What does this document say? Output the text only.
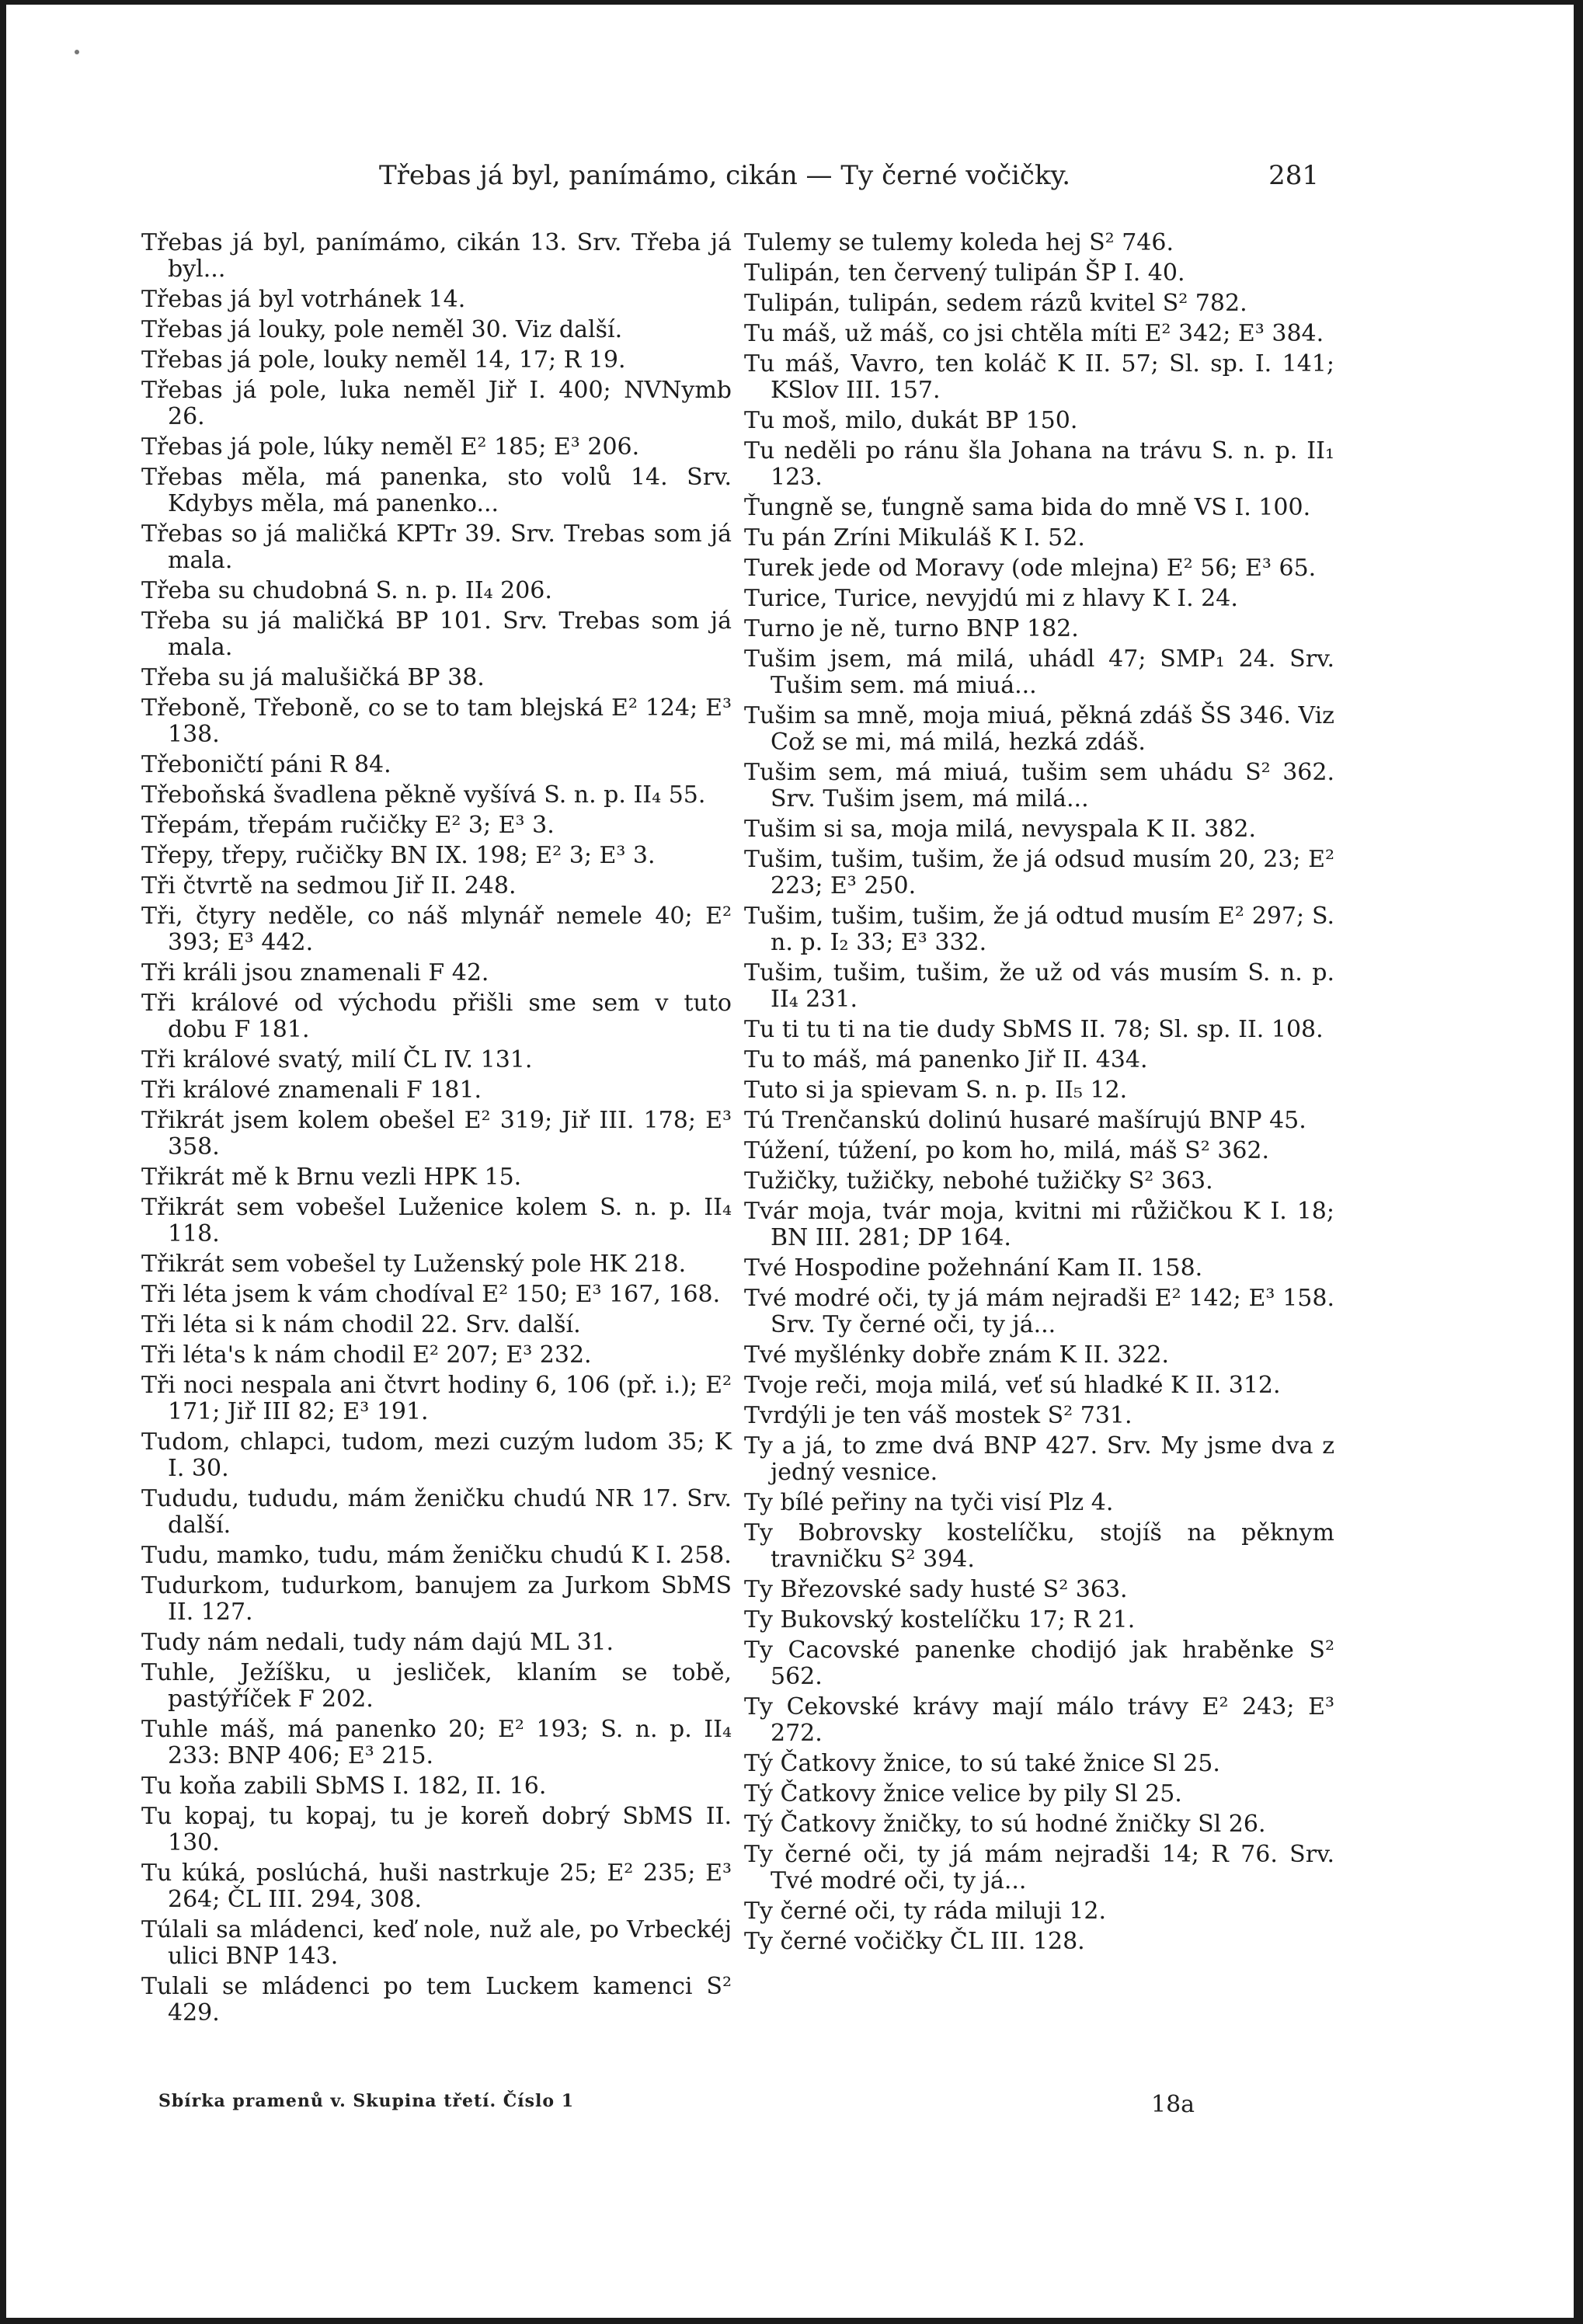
Třebas já byl, panímámo, cikán — Ty černé vočičky.	281
Třebas já byl, panímámo, cikán 13. Srv. Třeba já byl...
Třebas já byl votrhánek 14.
Třebas já louky, pole neměl 30. Viz další.
Třebas já pole, louky neměl 14, 17; R 19.
Třebas já pole, luka neměl Jiř I. 400; NVNymb 26.
Třebas já pole, lúky neměl E² 185; E³ 206.
Třebas měla, má panenka, sto volů 14. Srv. Kdybys měla, má panenko...
Třebas so já maličká KPTr 39. Srv. Trebas som já mala.
Třeba su chudobná S. n. p. II₄ 206.
Třeba su já maličká BP 101. Srv. Trebas som já mala.
Třeba su já malušičká BP 38.
Třeboně, Třeboně, co se to tam blejská E² 124; E³ 138.
Třeboničtí páni R 84.
Třeboňská švadlena pěkně vyšívá S. n. p. II₄ 55.
Třepám, třepám ručičky E² 3; E³ 3.
Třepy, třepy, ručičky BN IX. 198; E² 3; E³ 3.
Tři čtvrtě na sedmou Jiř II. 248.
Tři, čtyry neděle, co náš mlynář nemele 40; E² 393; E³ 442.
Tři králi jsou znamenali F 42.
Tři králové od východu přišli sme sem v tuto dobu F 181.
Tři králové svatý, milí ČL IV. 131.
Tři králové znamenali F 181.
Třikrát jsem kolem obešel E² 319; Jiř III. 178; E³ 358.
Třikrát mě k Brnu vezli HPK 15.
Třikrát sem vobešel Luženice kolem S. n. p. II₄ 118.
Třikrát sem vobešel ty Luženský pole HK 218.
Tři léta jsem k vám chodíval E² 150; E³ 167, 168.
Tři léta si k nám chodil 22. Srv. další.
Tři léta's k nám chodil E² 207; E³ 232.
Tři noci nespala ani čtvrt hodiny 6, 106 (př. i.); E² 171; Jiř III 82; E³ 191.
Tudom, chlapci, tudom, mezi cuzým ludom 35; K I. 30.
Tududu, tududu, mám ženičku chudú NR 17. Srv. další.
Tudu, mamko, tudu, mám ženičku chudú K I. 258.
Tudurkom, tudurkom, banujem za Jurkom SbMS II. 127.
Tudy nám nedali, tudy nám dajú ML 31.
Tuhle, Ježíšku, u jesliček, klaním se tobě, pastýříček F 202.
Tuhle máš, má panenko 20; E² 193; S. n. p. II₄ 233: BNP 406; E³ 215.
Tu koňa zabili SbMS I. 182, II. 16.
Tu kopaj, tu kopaj, tu je koreň dobrý SbMS II. 130.
Tu kúká, poslúchá, huši nastrkuje 25; E² 235; E³ 264; ČL III. 294, 308.
Túlali sa mládenci, keď nole, nuž ale, po Vrbeckéj ulici BNP 143.
Tulali se mládenci po tem Luckem kamenci S² 429.
Tulemy se tulemy koleda hej S² 746.
Tulipán, ten červený tulipán ŠP I. 40.
Tulipán, tulipán, sedem rázů kvitel S² 782.
Tu máš, už máš, co jsi chtěla míti E² 342; E³ 384.
Tu máš, Vavro, ten koláč K II. 57; Sl. sp. I. 141; KSlov III. 157.
Tu moš, milo, dukát BP 150.
Tu neděli po ránu šla Johana na trávu S. n. p. II₁ 123.
Ťungně se, ťungně sama bida do mně VS I. 100.
Tu pán Zríni Mikuláš K I. 52.
Turek jede od Moravy (ode mlejna) E² 56; E³ 65.
Turice, Turice, nevyjdú mi z hlavy K I. 24.
Turno je ně, turno BNP 182.
Tušim jsem, má milá, uhádl 47; SMP₁ 24. Srv. Tušim sem. má miuá...
Tušim sa mně, moja miuá, pěkná zdáš ŠS 346. Viz Což se mi, má milá, hezká zdáš.
Tušim sem, má miuá, tušim sem uhádu S² 362. Srv. Tušim jsem, má milá...
Tušim si sa, moja milá, nevyspala K II. 382.
Tušim, tušim, tušim, že já odsud musím 20, 23; E² 223; E³ 250.
Tušim, tušim, tušim, že já odtud musím E² 297; S. n. p. I₂ 33; E³ 332.
Tušim, tušim, tušim, že už od vás musím S. n. p. II₄ 231.
Tu ti tu ti na tie dudy SbMS II. 78; Sl. sp. II. 108.
Tu to máš, má panenko Jiř II. 434.
Tuto si ja spievam S. n. p. II₅ 12.
Tú Trenčanskú dolinú husaré mašírujú BNP 45.
Túžení, túžení, po kom ho, milá, máš S² 362.
Tužičky, tužičky, nebohé tužičky S² 363.
Tvár moja, tvár moja, kvitni mi růžičkou K I. 18; BN III. 281; DP 164.
Tvé Hospodine požehnání Kam II. 158.
Tvé modré oči, ty já mám nejradši E² 142; E³ 158. Srv. Ty černé oči, ty já...
Tvé myšlénky dobře znám K II. 322.
Tvoje reči, moja milá, veť sú hladké K II. 312.
Tvrdýli je ten váš mostek S² 731.
Ty a já, to zme dvá BNP 427. Srv. My jsme dva z jedný vesnice.
Ty bílé peřiny na tyči visí Plz 4.
Ty Bobrovsky kostelíčku, stojíš na pěknym travničku S² 394.
Ty Březovské sady husté S² 363.
Ty Bukovský kostelíčku 17; R 21.
Ty Cacovské panenke chodijó jak hraběnke S² 562.
Ty Cekovské krávy mají málo trávy E² 243; E³ 272.
Tý Čatkovy žnice, to sú také žnice Sl 25.
Tý Čatkovy žnice velice by pily Sl 25.
Tý Čatkovy žničky, to sú hodné žničky Sl 26.
Ty černé oči, ty já mám nejradši 14; R 76. Srv. Tvé modré oči, ty já...
Ty černé oči, ty ráda miluji 12.
Ty černé vočičky ČL III. 128.
Sbírka pramenů v. Skupina třetí. Číslo 1	18a
